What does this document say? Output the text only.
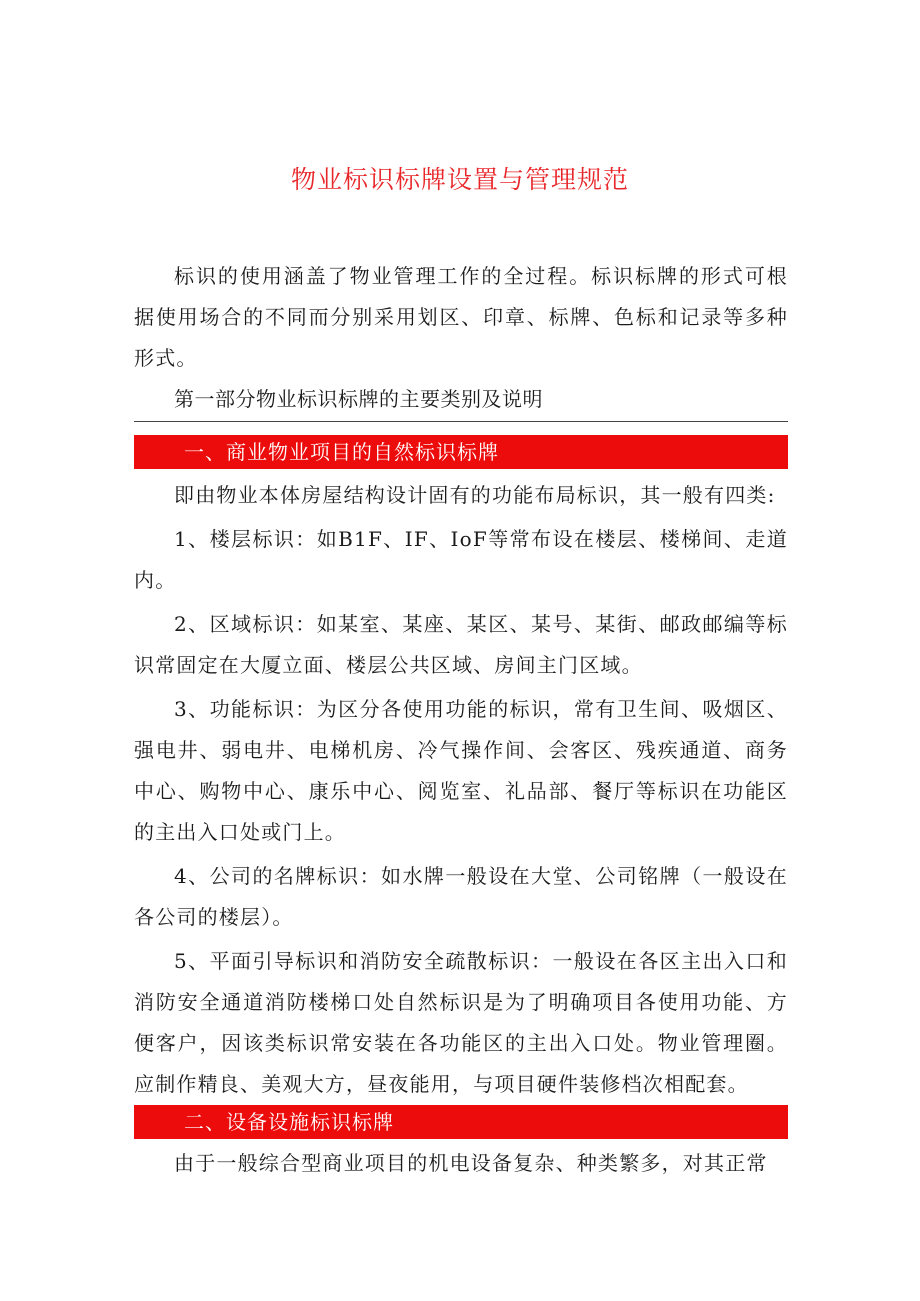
物业标识标牌设置与管理规范

标识的使用涵盖了物业管理工作的全过程。标识标牌的形式可根据使用场合的不同而分别采用划区、印章、标牌、色标和记录等多种形式。

第一部分物业标识标牌的主要类别及说明

一、商业物业项目的自然标识标牌

即由物业本体房屋结构设计固有的功能布局标识，其一般有四类:

1、楼层标识：如B1F、IF、IoF等常布设在楼层、楼梯间、走道内。

2、区域标识：如某室、某座、某区、某号、某街、邮政邮编等标识常固定在大厦立面、楼层公共区域、房间主门区域。

3、功能标识：为区分各使用功能的标识，常有卫生间、吸烟区、强电井、弱电井、电梯机房、冷气操作间、会客区、残疾通道、商务中心、购物中心、康乐中心、阅览室、礼品部、餐厅等标识在功能区的主出入口处或门上。

4、公司的名牌标识：如水牌一般设在大堂、公司铭牌（一般设在各公司的楼层）。

5、平面引导标识和消防安全疏散标识：一般设在各区主出入口和消防安全通道消防楼梯口处自然标识是为了明确项目各使用功能、方便客户，因该类标识常安装在各功能区的主出入口处。物业管理圈。应制作精良、美观大方，昼夜能用，与项目硬件装修档次相配套。

二、设备设施标识标牌

由于一般综合型商业项目的机电设备复杂、种类繁多，对其正常
